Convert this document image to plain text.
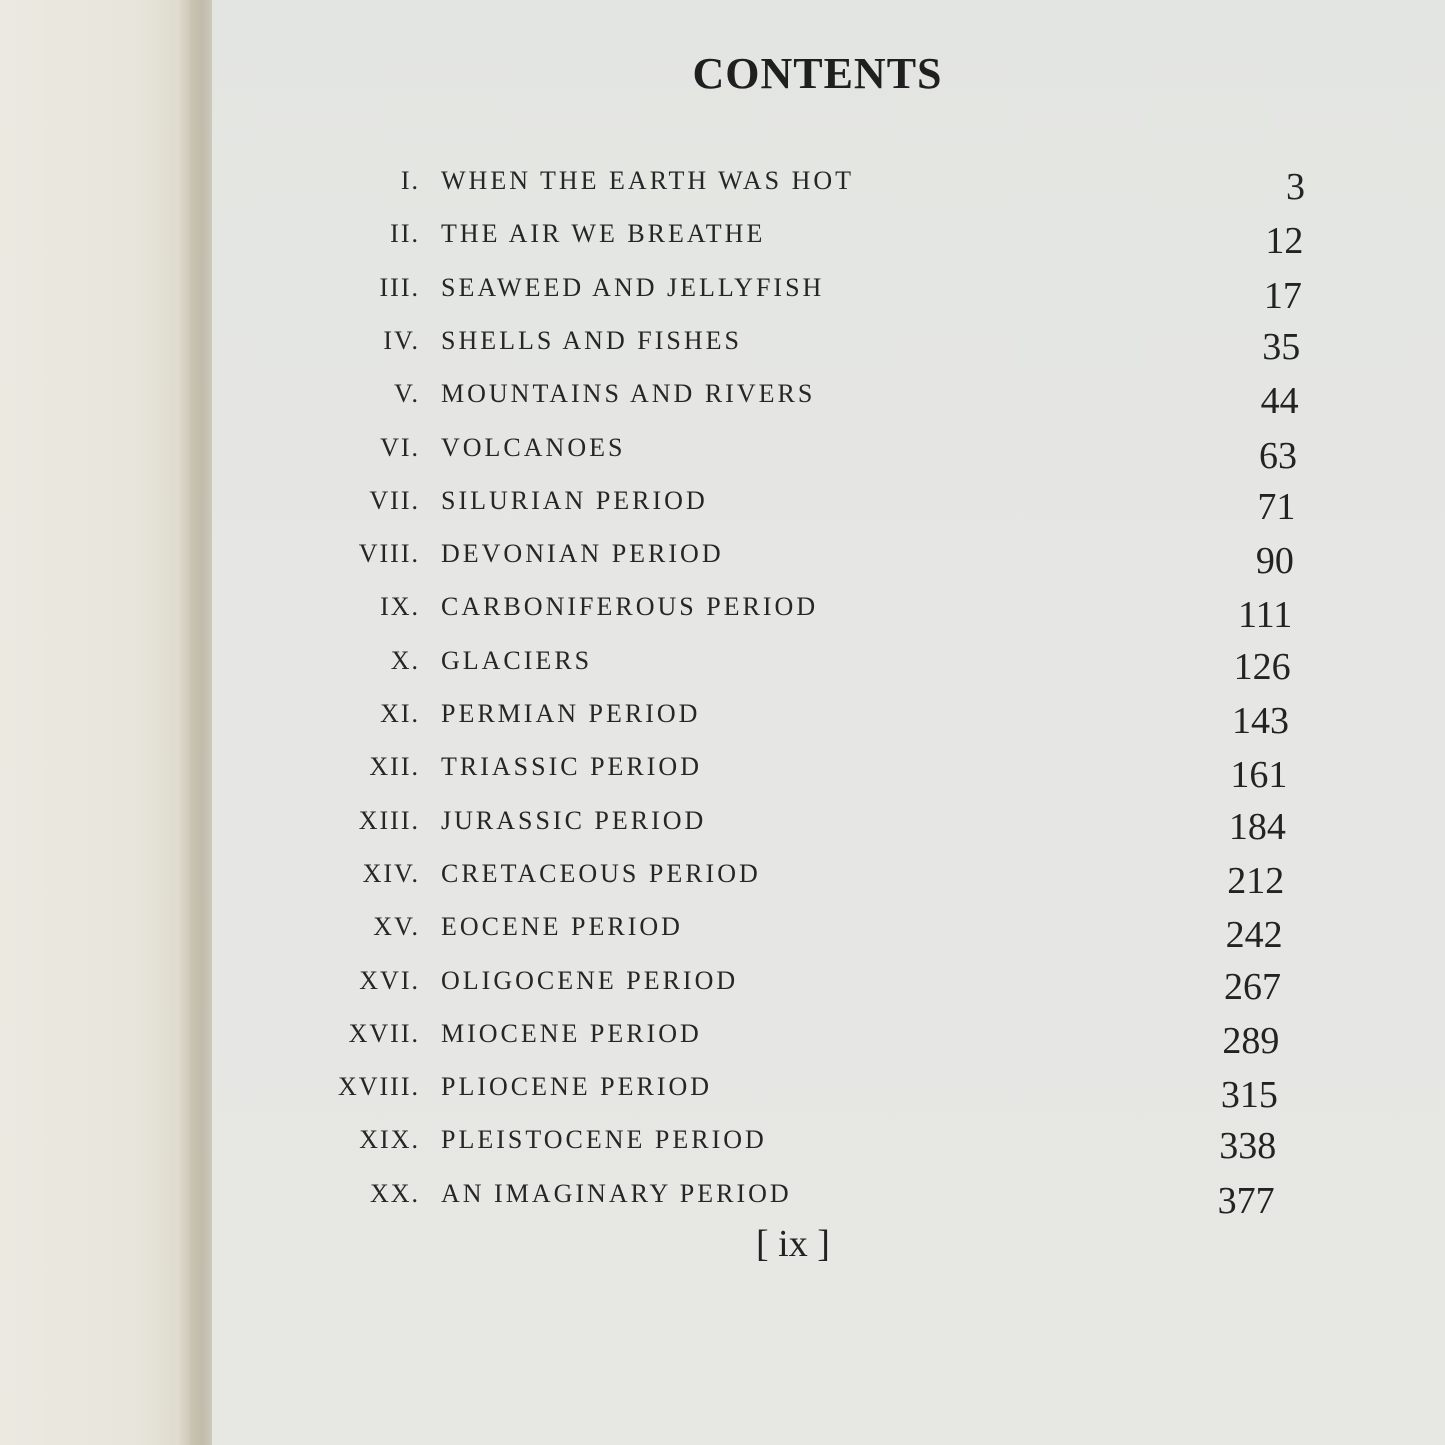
CONTENTS
I. WHEN THE EARTH WAS HOT	3
II. THE AIR WE BREATHE	12
III. SEAWEED AND JELLYFISH	17
IV. SHELLS AND FISHES	35
V. MOUNTAINS AND RIVERS	44
VI. VOLCANOES	63
VII. SILURIAN PERIOD	71
VIII. DEVONIAN PERIOD	90
IX. CARBONIFEROUS PERIOD	111
X. GLACIERS	126
XI. PERMIAN PERIOD	143
XII. TRIASSIC PERIOD	161
XIII. JURASSIC PERIOD	184
XIV. CRETACEOUS PERIOD	212
XV. EOCENE PERIOD	242
XVI. OLIGOCENE PERIOD	267
XVII. MIOCENE PERIOD	289
XVIII. PLIOCENE PERIOD	315
XIX. PLEISTOCENE PERIOD	338
XX. AN IMAGINARY PERIOD	377
[ ix ]
